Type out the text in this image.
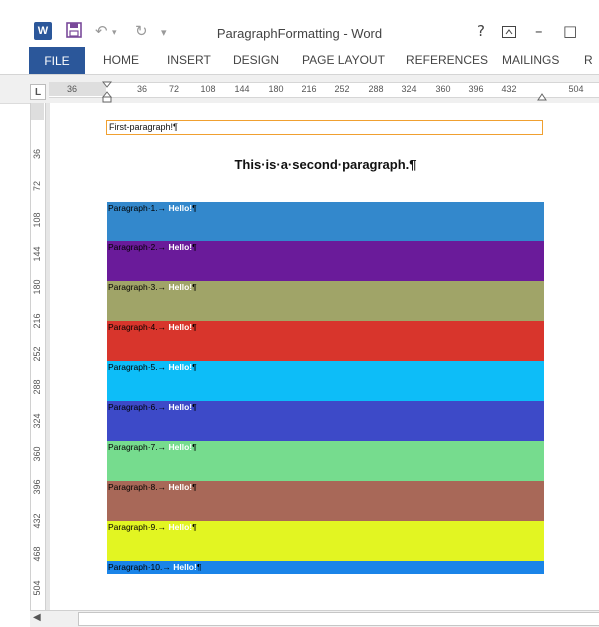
W	↶ ▾ ↻ ▾	ParagraphFormatting - Word	?	– □
FILE	HOME INSERT DESIGN PAGE LAYOUT REFERENCES MAILINGS R
L	36	36 72 108 144 180 216 252 288 324 360 396 432	504
36
72
108
144
180
216
252
288
324
360
396
432
468
504
First-paragraph!¶
This·is·a·second·paragraph.¶
Paragraph·1.→ Hello!¶
Paragraph·2.→ Hello!¶
Paragraph·3.→ Hello!¶
Paragraph·4.→ Hello!¶
Paragraph·5.→ Hello!¶
Paragraph·6.→ Hello!¶
Paragraph·7.→ Hello!¶
Paragraph·8.→ Hello!¶
Paragraph·9.→ Hello!¶
Paragraph·10.→ Hello!¶
◀
